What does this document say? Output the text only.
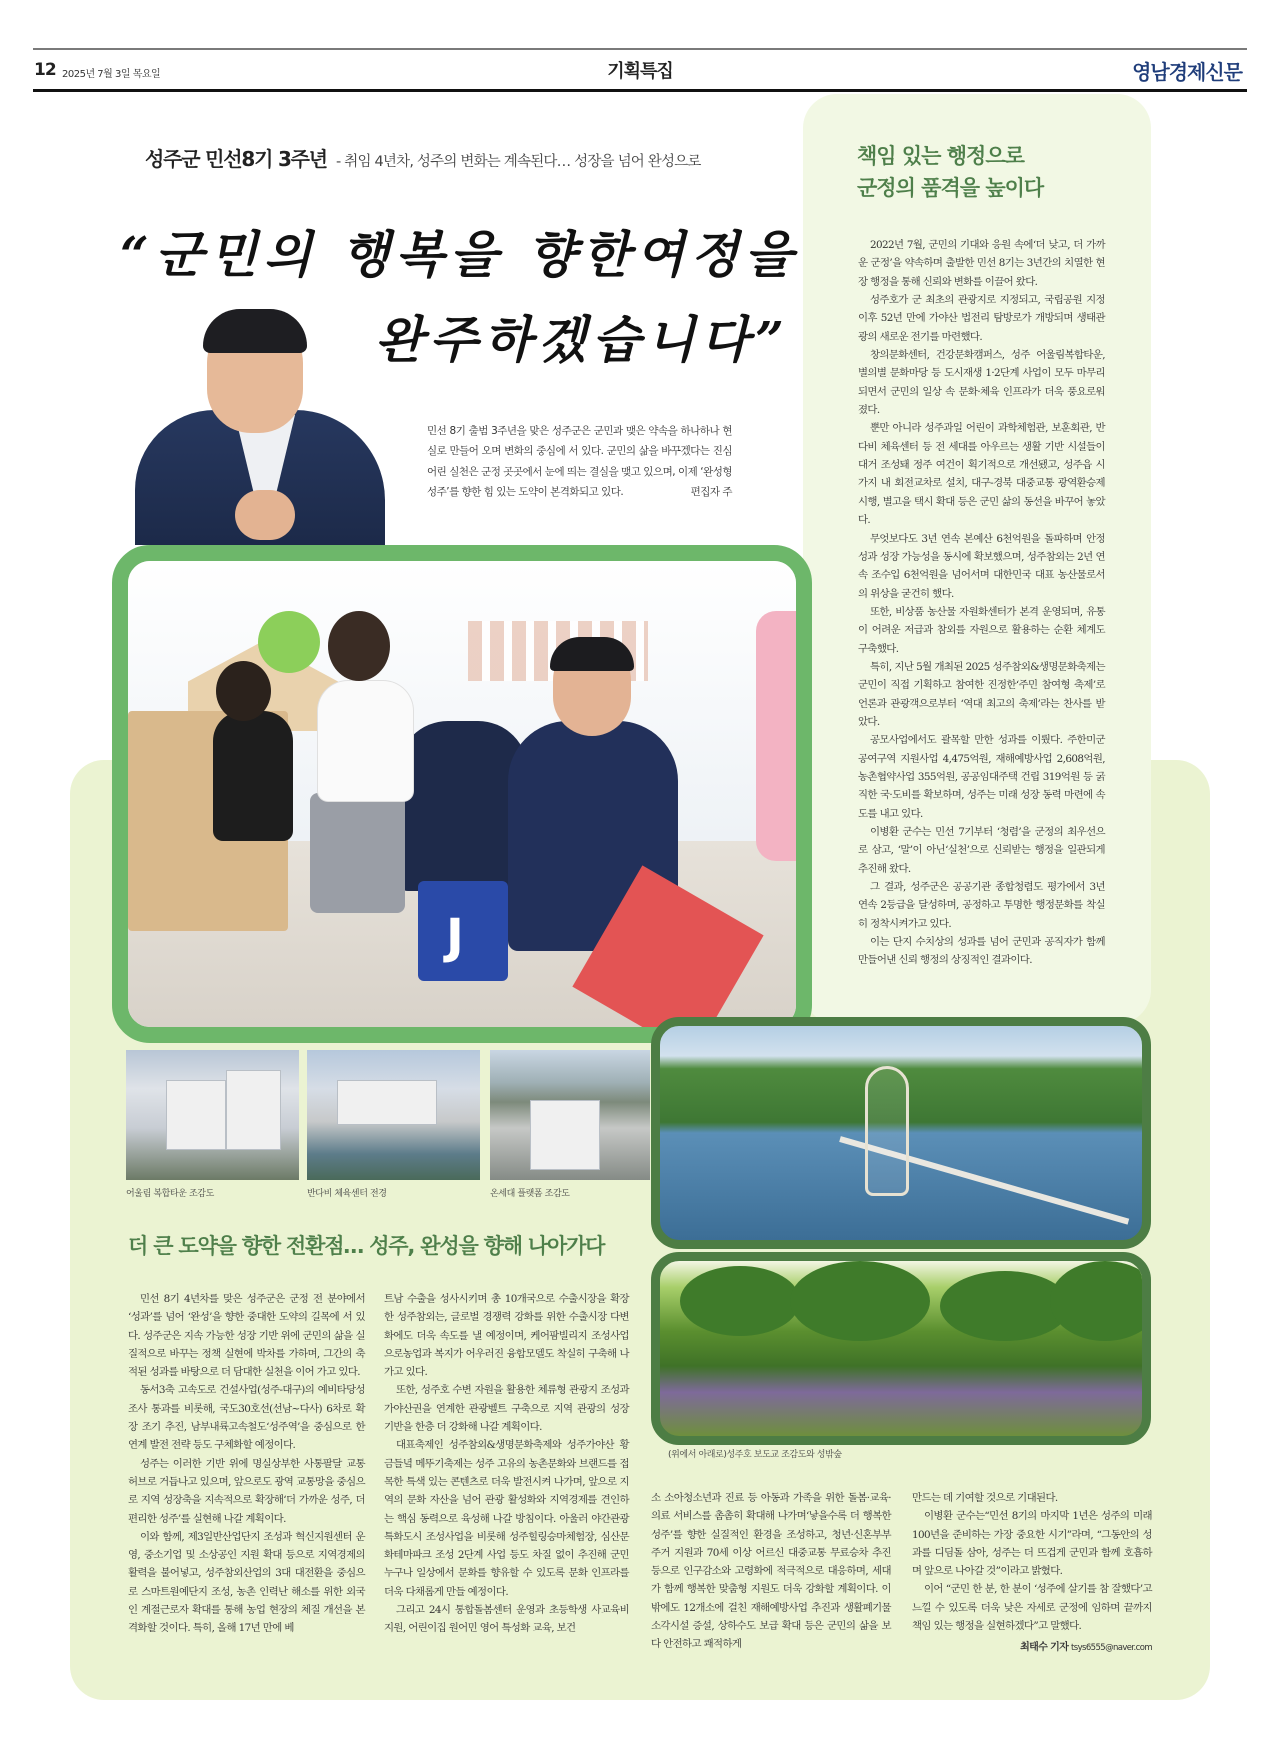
12 2025년 7월 3일 목요일	기획특집	영남경제신문
성주군 민선8기 3주년 - 취임 4년차, 성주의 변화는 계속된다… 성장을 넘어 완성으로
“군민의 행복을 향한여정을
완주하겠습니다”
민선 8기 출범 3주년을 맞은 성주군은 군민과 맺은 약속을 하나하나 현실로 만들어 오며 변화의 중심에 서 있다. 군민의 삶을 바꾸겠다는 진심 어린 실천은 군정 곳곳에서 눈에 띄는 결실을 맺고 있으며, 이제 ‘완성형 성주’를 향한 힘 있는 도약이 본격화되고 있다.	편집자 주
책임 있는 행정으로
군정의 품격을 높이다

2022년 7월, 군민의 기대와 응원 속에‘더 낮고, 더 가까운 군정’을 약속하며 출발한 민선 8기는 3년간의 치열한 현장 행정을 통해 신뢰와 변화를 이끌어 왔다.

성주호가 군 최초의 관광지로 지정되고, 국립공원 지정 이후 52년 만에 가야산 법전리 탐방로가 개방되며 생태관광의 새로운 전기를 마련했다.

창의문화센터, 건강문화캠퍼스, 성주 어울림복합타운, 별의별 문화마당 등 도시재생 1·2단계 사업이 모두 마무리되면서 군민의 일상 속 문화·체육 인프라가 더욱 풍요로워졌다.

뿐만 아니라 성주과일 어린이 과학체험관, 보훈회관, 반다비 체육센터 등 전 세대를 아우르는 생활 기반 시설들이 대거 조성돼 정주 여건이 획기적으로 개선됐고, 성주읍 시가지 내 회전교차로 설치, 대구-경북 대중교통 광역환승제 시행, 별고을 택시 확대 등은 군민 삶의 동선을 바꾸어 놓았다.

무엇보다도 3년 연속 본예산 6천억원을 돌파하며 안정성과 성장 가능성을 동시에 확보했으며, 성주참외는 2년 연속 조수입 6천억원을 넘어서며 대한민국 대표 농산물로서의 위상을 굳건히 했다.

또한, 비상품 농산물 자원화센터가 본격 운영되며, 유통이 어려운 저급과 참외를 자원으로 활용하는 순환 체계도 구축했다.

특히, 지난 5월 개최된 2025 성주참외&생명문화축제는 군민이 직접 기획하고 참여한 진정한‘주민 참여형 축제’로 언론과 관광객으로부터 ‘역대 최고의 축제’라는 찬사를 받았다.

공모사업에서도 괄목할 만한 성과를 이뤘다. 주한미군 공여구역 지원사업 4,475억원, 재해예방사업 2,608억원, 농촌협약사업 355억원, 공공임대주택 건립 319억원 등 굵직한 국·도비를 확보하며, 성주는 미래 성장 동력 마련에 속도를 내고 있다.

이병환 군수는 민선 7기부터 ‘청렴’을 군정의 최우선으로 삼고, ‘말’이 아닌‘실천’으로 신뢰받는 행정을 일관되게 추진해 왔다.

그 결과, 성주군은 공공기관 종합청렴도 평가에서 3년 연속 2등급을 달성하며, 공정하고 투명한 행정문화를 착실히 정착시켜가고 있다.

이는 단지 수치상의 성과를 넘어 군민과 공직자가 함께 만들어낸 신뢰 행정의 상징적인 결과이다.

J
어울림 복합타운 조감도	반다비 체육센터 전경	온세대 플랫폼 조감도
(위에서 아래로)성주호 보도교 조감도와 성밖숲
더 큰 도약을 향한 전환점… 성주, 완성을 향해 나아가다

민선 8기 4년차를 맞은 성주군은 군정 전 분야에서 ‘성과’를 넘어 ‘완성’을 향한 중대한 도약의 길목에 서 있다. 성주군은 지속 가능한 성장 기반 위에 군민의 삶을 실질적으로 바꾸는 정책 실현에 박차를 가하며, 그간의 축적된 성과를 바탕으로 더 담대한 실천을 이어 가고 있다.

동서3축 고속도로 건설사업(성주-대구)의 예비타당성조사 통과를 비롯해, 국도30호선(선남~다사) 6차로 확장 조기 추진, 남부내륙고속철도‘성주역’을 중심으로 한 연계 발전 전략 등도 구체화할 예정이다.

성주는 이러한 기반 위에 명실상부한 사통팔달 교통 허브로 거듭나고 있으며, 앞으로도 광역 교통망을 중심으로 지역 성장축을 지속적으로 확장해‘더 가까운 성주, 더 편리한 성주’를 실현해 나갈 계획이다.

이와 함께, 제3일반산업단지 조성과 혁신지원센터 운영, 중소기업 및 소상공인 지원 확대 등으로 지역경제의 활력을 불어넣고, 성주참외산업의 3대 대전환을 중심으로 스마트원예단지 조성, 농촌 인력난 해소를 위한 외국인 계절근로자 확대를 통해 농업 현장의 체질 개선을 본격화할 것이다. 특히, 올해 17년 만에 베

트남 수출을 성사시키며 총 10개국으로 수출시장을 확장한 성주참외는, 글로벌 경쟁력 강화를 위한 수출시장 다변화에도 더욱 속도를 낼 예정이며, 케어팜빌리지 조성사업으로농업과 복지가 어우러진 융합모델도 착실히 구축해 나가고 있다.

또한, 성주호 수변 자원을 활용한 체류형 관광지 조성과 가야산권을 연계한 관광벨트 구축으로 지역 관광의 성장 기반을 한층 더 강화해 나갈 계획이다.

대표축제인 성주참외&생명문화축제와 성주가야산 황금들녘 메뚜기축제는 성주 고유의 농촌문화와 브랜드를 접목한 특색 있는 콘텐츠로 더욱 발전시켜 나가며, 앞으로 지역의 문화 자산을 넘어 관광 활성화와 지역경제를 견인하는 핵심 동력으로 육성해 나갈 방침이다. 아울러 야간관광 특화도시 조성사업을 비롯해 성주힐링승마체험장, 심산문화테마파크 조성 2단계 사업 등도 차질 없이 추진해 군민 누구나 일상에서 문화를 향유할 수 있도록 문화 인프라를 더욱 다채롭게 만들 예정이다.

그리고 24시 통합돌봄센터 운영과 초등학생 사교육비 지원, 어린이집 원어민 영어 특성화 교육, 보건

소 소아청소년과 진료 등 아동과 가족을 위한 돌봄·교육·의료 서비스를 촘촘히 확대해 나가며‘낳을수록 더 행복한 성주’를 향한 실질적인 환경을 조성하고, 청년·신혼부부 주거 지원과 70세 이상 어르신 대중교통 무료승차 추진 등으로 인구감소와 고령화에 적극적으로 대응하며, 세대가 함께 행복한 맞춤형 지원도 더욱 강화할 계획이다. 이 밖에도 12개소에 걸친 재해예방사업 추진과 생활폐기물 소각시설 증설, 상하수도 보급 확대 등은 군민의 삶을 보다 안전하고 쾌적하게

만드는 데 기여할 것으로 기대된다.

이병환 군수는“민선 8기의 마지막 1년은 성주의 미래 100년을 준비하는 가장 중요한 시기”라며, “그동안의 성과를 디딤돌 삼아, 성주는 더 뜨겁게 군민과 함께 호흡하며 앞으로 나아갈 것”이라고 밝혔다.

이어 “군민 한 분, 한 분이 ‘성주에 살기를 참 잘했다’고 느낄 수 있도록 더욱 낮은 자세로 군정에 임하며 끝까지 책임 있는 행정을 실현하겠다”고 말했다.

최태수 기자 tsys6555@naver.com
